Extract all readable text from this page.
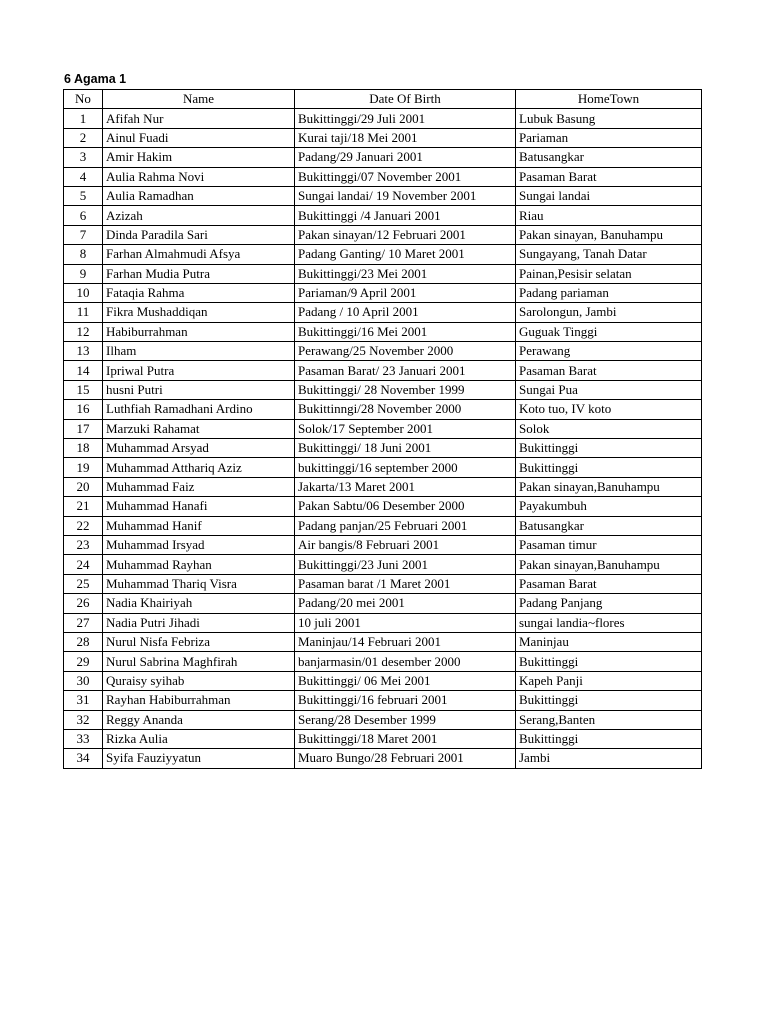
6 Agama 1
No	Name	Date Of Birth	HomeTown
1	Afifah Nur	Bukittinggi/29 Juli 2001	Lubuk Basung
2	Ainul Fuadi	Kurai taji/18 Mei 2001	Pariaman
3	Amir Hakim	Padang/29 Januari 2001	Batusangkar
4	Aulia Rahma Novi	Bukittinggi/07 November 2001	Pasaman Barat
5	Aulia Ramadhan	Sungai landai/ 19 November 2001	Sungai landai
6	Azizah	Bukittinggi /4 Januari 2001	Riau
7	Dinda Paradila Sari	Pakan sinayan/12 Februari 2001	Pakan sinayan, Banuhampu
8	Farhan Almahmudi Afsya	Padang Ganting/ 10 Maret 2001	Sungayang, Tanah Datar
9	Farhan Mudia Putra	Bukittinggi/23 Mei 2001	Painan,Pesisir selatan
10	Fataqia Rahma	Pariaman/9 April 2001	Padang pariaman
11	Fikra Mushaddiqan	Padang / 10 April 2001	Sarolongun, Jambi
12	Habiburrahman	Bukittinggi/16 Mei 2001	Guguak Tinggi
13	Ilham	Perawang/25 November 2000	Perawang
14	Ipriwal Putra	Pasaman Barat/ 23 Januari 2001	Pasaman Barat
15	husni Putri	Bukittinggi/ 28 November 1999	Sungai Pua
16	Luthfiah Ramadhani Ardino	Bukittinngi/28 November 2000	Koto tuo, IV koto
17	Marzuki Rahamat	Solok/17 September 2001	Solok
18	Muhammad Arsyad	Bukittinggi/ 18 Juni 2001	Bukittinggi
19	Muhammad Atthariq Aziz	bukittinggi/16 september 2000	Bukittinggi
20	Muhammad Faiz	Jakarta/13 Maret 2001	Pakan sinayan,Banuhampu
21	Muhammad Hanafi	Pakan Sabtu/06 Desember 2000	Payakumbuh
22	Muhammad Hanif	Padang panjan/25 Februari 2001	Batusangkar
23	Muhammad Irsyad	Air bangis/8 Februari 2001	Pasaman timur
24	Muhammad Rayhan	Bukittinggi/23 Juni 2001	Pakan sinayan,Banuhampu
25	Muhammad Thariq Visra	Pasaman barat /1 Maret 2001	Pasaman Barat
26	Nadia Khairiyah	Padang/20 mei 2001	Padang Panjang
27	Nadia Putri Jihadi	10 juli 2001	sungai landia~flores
28	Nurul Nisfa Febriza	Maninjau/14 Februari 2001	Maninjau
29	Nurul Sabrina Maghfirah	banjarmasin/01 desember 2000	Bukittinggi
30	Quraisy syihab	Bukittinggi/ 06 Mei 2001	Kapeh Panji
31	Rayhan Habiburrahman	Bukittinggi/16 februari 2001	Bukittinggi
32	Reggy Ananda	Serang/28 Desember 1999	Serang,Banten
33	Rizka Aulia	Bukittinggi/18 Maret 2001	Bukittinggi
34	Syifa Fauziyyatun	Muaro Bungo/28 Februari 2001	Jambi
